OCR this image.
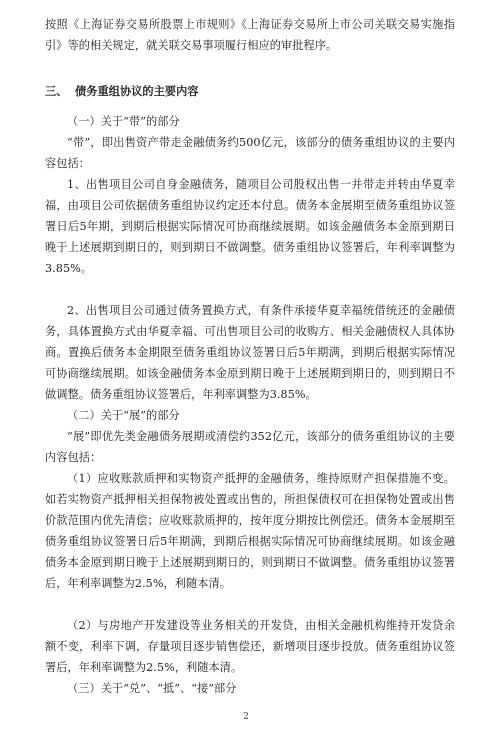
按照《上海证券交易所股票上市规则》《上海证券交易所上市公司关联交易实施指引》等的相关规定，就关联交易事项履行相应的审批程序。

三、 债务重组协议的主要内容

（一）关于“带”的部分

“带”，即出售资产带走金融债务约500亿元，该部分的债务重组协议的主要内容包括：

1、出售项目公司自身金融债务，随项目公司股权出售一并带走并转由华夏幸福，由项目公司依据债务重组协议约定还本付息。债务本金展期至债务重组协议签署日后5年期，到期后根据实际情况可协商继续展期。如该金融债务本金原到期日晚于上述展期到期日的，则到期日不做调整。债务重组协议签署后，年利率调整为3.85%。

2、出售项目公司通过债务置换方式，有条件承接华夏幸福统借统还的金融债务，具体置换方式由华夏幸福、可出售项目公司的收购方、相关金融债权人具体协商。置换后债务本金期限至债务重组协议签署日后5年期满，到期后根据实际情况可协商继续展期。如该金融债务本金原到期日晚于上述展期到期日的，则到期日不做调整。债务重组协议签署后，年利率调整为3.85%。

（二）关于“展”的部分

“展”即优先类金融债务展期或清偿约352亿元，该部分的债务重组协议的主要内容包括：

（1）应收账款质押和实物资产抵押的金融债务，维持原财产担保措施不变。如若实物资产抵押相关担保物被处置或出售的，所担保债权可在担保物处置或出售价款范围内优先清偿；应收账款质押的，按年度分期按比例偿还。债务本金展期至债务重组协议签署日后5年期满，到期后根据实际情况可协商继续展期。如该金融债务本金原到期日晚于上述展期到期日的，则到期日不做调整。债务重组协议签署后，年利率调整为2.5%，利随本清。

（2）与房地产开发建设等业务相关的开发贷，由相关金融机构维持开发贷余额不变，利率下调，存量项目逐步销售偿还，新增项目逐步投放。债务重组协议签署后，年利率调整为2.5%，利随本清。

（三）关于“兑”、“抵”、“接”部分

2
